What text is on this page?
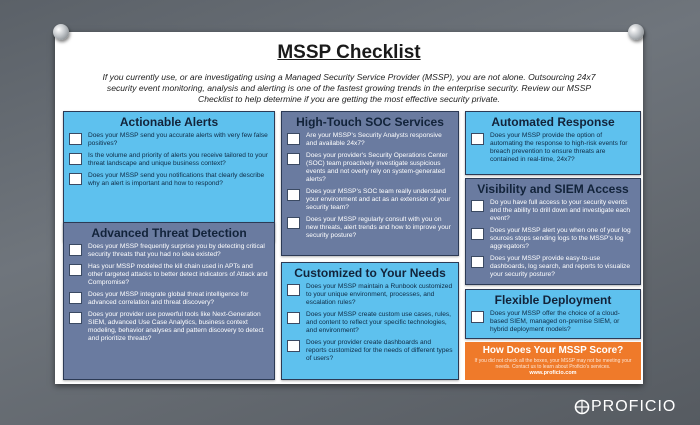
MSSP Checklist
If you currently use, or are investigating using a Managed Security Service Provider (MSSP), you are not alone. Outsourcing 24x7 security event monitoring, analysis and alerting is one of the fastest growing trends in the enterprise security. Review our MSSP Checklist to help determine if you are getting the most effective security private.
Actionable Alerts
Does your MSSP send you accurate alerts with very few false positives?
Is the volume and priority of alerts you receive tailored to your threat landscape and unique business context?
Does your MSSP send you notifications that clearly describe why an alert is important and how to respond?
Advanced Threat Detection
Does your MSSP frequently surprise you by detecting critical security threats that you had no idea existed?
Has your MSSP modeled the kill chain used in APTs and other targeted attacks to better detect indicators of Attack and Compromise?
Does your MSSP integrate global threat intelligence for advanced correlation and threat discovery?
Does your provider use powerful tools like Next-Generation SIEM, advanced Use Case Analytics, business context modeling, behavior analyses and pattern discovery to detect and prioritize threats?
High-Touch SOC Services
Are your MSSP's Security Analysts responsive and available 24x7?
Does your provider's Security Operations Center (SOC) team proactively investigate suspicious events and not overly rely on system-generated alerts?
Does your MSSP's SOC team really understand your environment and act as an extension of your security team?
Does your MSSP regularly consult with you on new threats, alert trends and how to improve your security posture?
Customized to Your Needs
Does your MSSP maintain a Runbook customized to your unique environment, processes, and escalation rules?
Does your MSSP create custom use cases, rules, and content to reflect your specific technologies, and environment?
Does your provider create dashboards and reports customized for the needs of different types of users?
Automated Response
Does your MSSP provide the option of automating the response to high-risk events for breach prevention to ensure threats are contained in real-time, 24x7?
Visibility and SIEM Access
Do you have full access to your security events and the ability to drill down and investigate each event?
Does your MSSP alert you when one of your log sources stops sending logs to the MSSP's log aggregators?
Does your MSSP provide easy-to-use dashboards, log search, and reports to visualize your security posture?
Flexible Deployment
Does your MSSP offer the choice of a cloud-based SIEM, managed on-premise SIEM, or hybrid deployment models?
How Does Your MSSP Score?
If you did not check all the boxes, your MSSP may not be meeting your needs. Contact us to learn about Proficio's services.
www.proficio.com
PROFICIO
